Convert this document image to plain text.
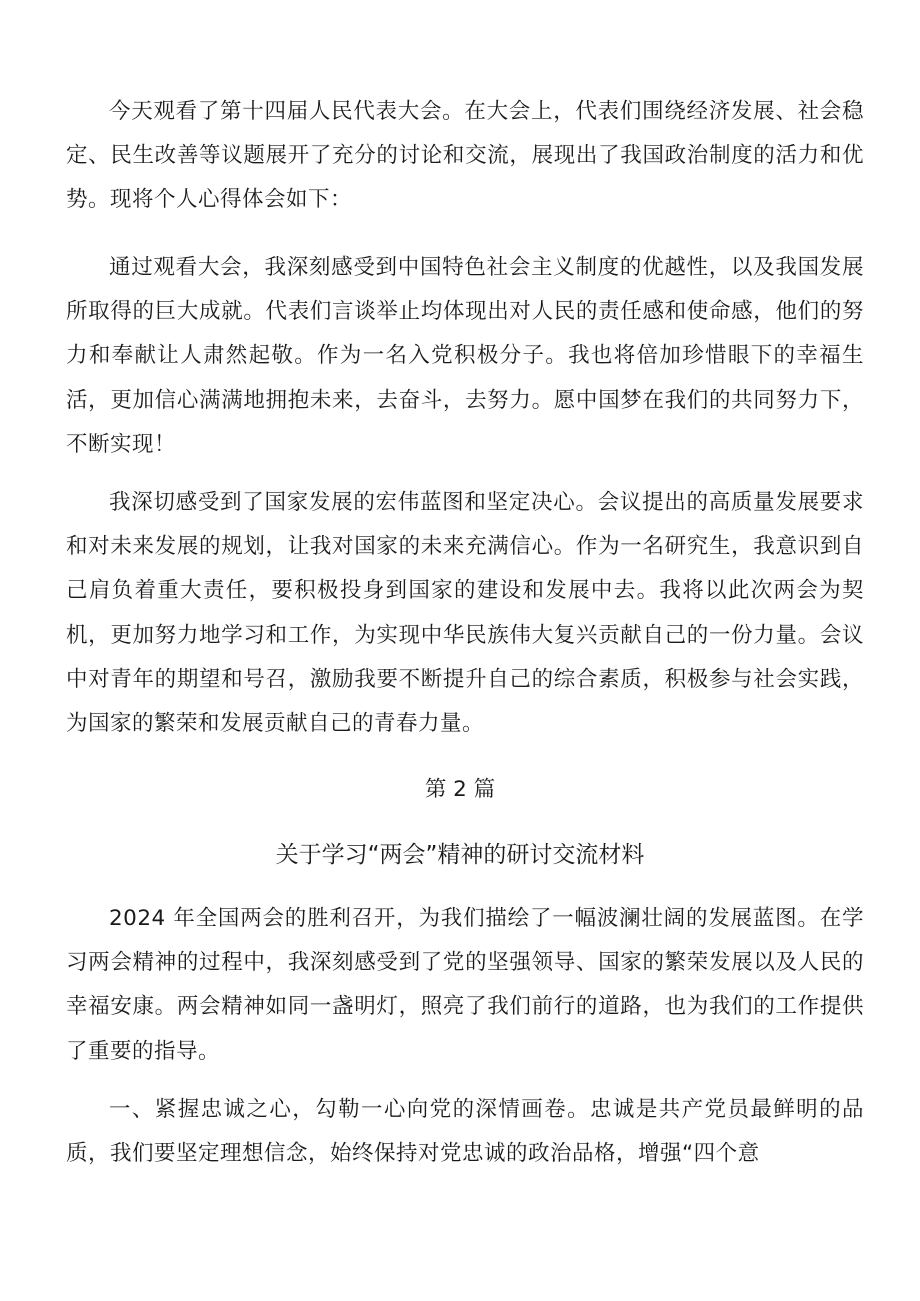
今天观看了第十四届人民代表大会。在大会上，代表们围绕经济发展、社会稳定、民生改善等议题展开了充分的讨论和交流，展现出了我国政治制度的活力和优势。现将个人心得体会如下：

通过观看大会，我深刻感受到中国特色社会主义制度的优越性，以及我国发展所取得的巨大成就。代表们言谈举止均体现出对人民的责任感和使命感，他们的努力和奉献让人肃然起敬。作为一名入党积极分子。我也将倍加珍惜眼下的幸福生活，更加信心满满地拥抱未来，去奋斗，去努力。愿中国梦在我们的共同努力下，不断实现！

我深切感受到了国家发展的宏伟蓝图和坚定决心。会议提出的高质量发展要求和对未来发展的规划，让我对国家的未来充满信心。作为一名研究生，我意识到自己肩负着重大责任，要积极投身到国家的建设和发展中去。我将以此次两会为契机，更加努力地学习和工作，为实现中华民族伟大复兴贡献自己的一份力量。会议中对青年的期望和号召，激励我要不断提升自己的综合素质，积极参与社会实践，为国家的繁荣和发展贡献自己的青春力量。

第 2 篇

关于学习“两会”精神的研讨交流材料

2024 年全国两会的胜利召开，为我们描绘了一幅波澜壮阔的发展蓝图。在学习两会精神的过程中，我深刻感受到了党的坚强领导、国家的繁荣发展以及人民的幸福安康。两会精神如同一盏明灯，照亮了我们前行的道路，也为我们的工作提供了重要的指导。

一、紧握忠诚之心，勾勒一心向党的深情画卷。忠诚是共产党员最鲜明的品质，我们要坚定理想信念，始终保持对党忠诚的政治品格，增强“四个意
